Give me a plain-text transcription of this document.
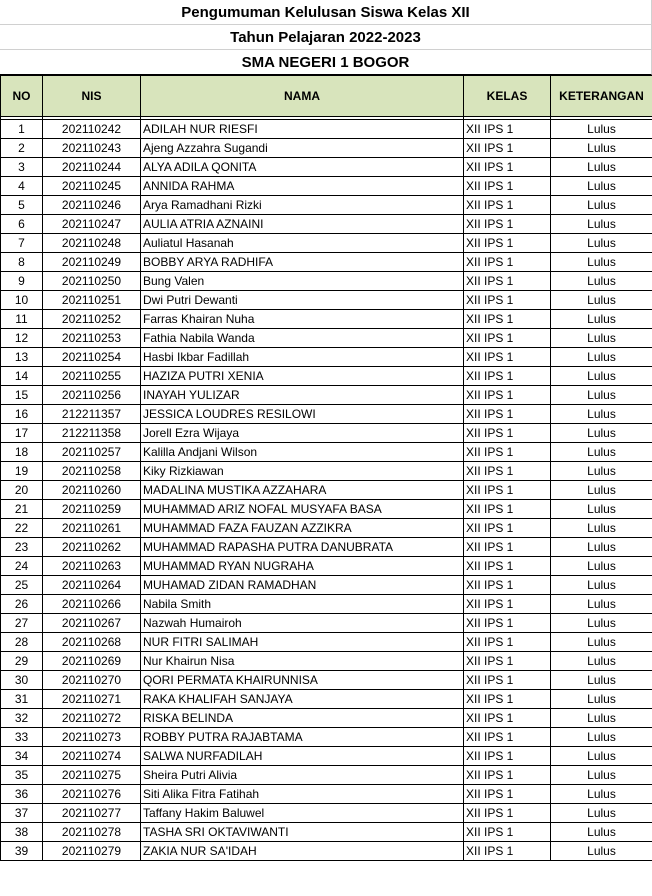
Pengumuman Kelulusan Siswa Kelas XII
Tahun Pelajaran 2022-2023
SMA NEGERI 1 BOGOR
NO	NIS	NAMA	KELAS	KETERANGAN

1	202110242	ADILAH NUR RIESFI	XII IPS 1	Lulus
2	202110243	Ajeng Azzahra Sugandi	XII IPS 1	Lulus
3	202110244	ALYA ADILA QONITA	XII IPS 1	Lulus
4	202110245	ANNIDA RAHMA	XII IPS 1	Lulus
5	202110246	Arya Ramadhani Rizki	XII IPS 1	Lulus
6	202110247	AULIA ATRIA AZNAINI	XII IPS 1	Lulus
7	202110248	Auliatul Hasanah	XII IPS 1	Lulus
8	202110249	BOBBY ARYA RADHIFA	XII IPS 1	Lulus
9	202110250	Bung Valen	XII IPS 1	Lulus
10	202110251	Dwi Putri Dewanti	XII IPS 1	Lulus
11	202110252	Farras Khairan Nuha	XII IPS 1	Lulus
12	202110253	Fathia Nabila Wanda	XII IPS 1	Lulus
13	202110254	Hasbi Ikbar Fadillah	XII IPS 1	Lulus
14	202110255	HAZIZA PUTRI XENIA	XII IPS 1	Lulus
15	202110256	INAYAH YULIZAR	XII IPS 1	Lulus
16	212211357	JESSICA LOUDRES RESILOWI	XII IPS 1	Lulus
17	212211358	Jorell Ezra Wijaya	XII IPS 1	Lulus
18	202110257	Kalilla Andjani Wilson	XII IPS 1	Lulus
19	202110258	Kiky Rizkiawan	XII IPS 1	Lulus
20	202110260	MADALINA MUSTIKA AZZAHARA	XII IPS 1	Lulus
21	202110259	MUHAMMAD ARIZ NOFAL MUSYAFA BASA	XII IPS 1	Lulus
22	202110261	MUHAMMAD FAZA FAUZAN AZZIKRA	XII IPS 1	Lulus
23	202110262	MUHAMMAD RAPASHA PUTRA DANUBRATA	XII IPS 1	Lulus
24	202110263	MUHAMMAD RYAN NUGRAHA	XII IPS 1	Lulus
25	202110264	MUHAMAD ZIDAN RAMADHAN	XII IPS 1	Lulus
26	202110266	Nabila Smith	XII IPS 1	Lulus
27	202110267	Nazwah Humairoh	XII IPS 1	Lulus
28	202110268	NUR FITRI SALIMAH	XII IPS 1	Lulus
29	202110269	Nur Khairun Nisa	XII IPS 1	Lulus
30	202110270	QORI PERMATA KHAIRUNNISA	XII IPS 1	Lulus
31	202110271	RAKA KHALIFAH SANJAYA	XII IPS 1	Lulus
32	202110272	RISKA BELINDA	XII IPS 1	Lulus
33	202110273	ROBBY PUTRA RAJABTAMA	XII IPS 1	Lulus
34	202110274	SALWA NURFADILAH	XII IPS 1	Lulus
35	202110275	Sheira Putri Alivia	XII IPS 1	Lulus
36	202110276	Siti Alika Fitra Fatihah	XII IPS 1	Lulus
37	202110277	Taffany Hakim Baluwel	XII IPS 1	Lulus
38	202110278	TASHA SRI OKTAVIWANTI	XII IPS 1	Lulus
39	202110279	ZAKIA NUR SA'IDAH	XII IPS 1	Lulus
